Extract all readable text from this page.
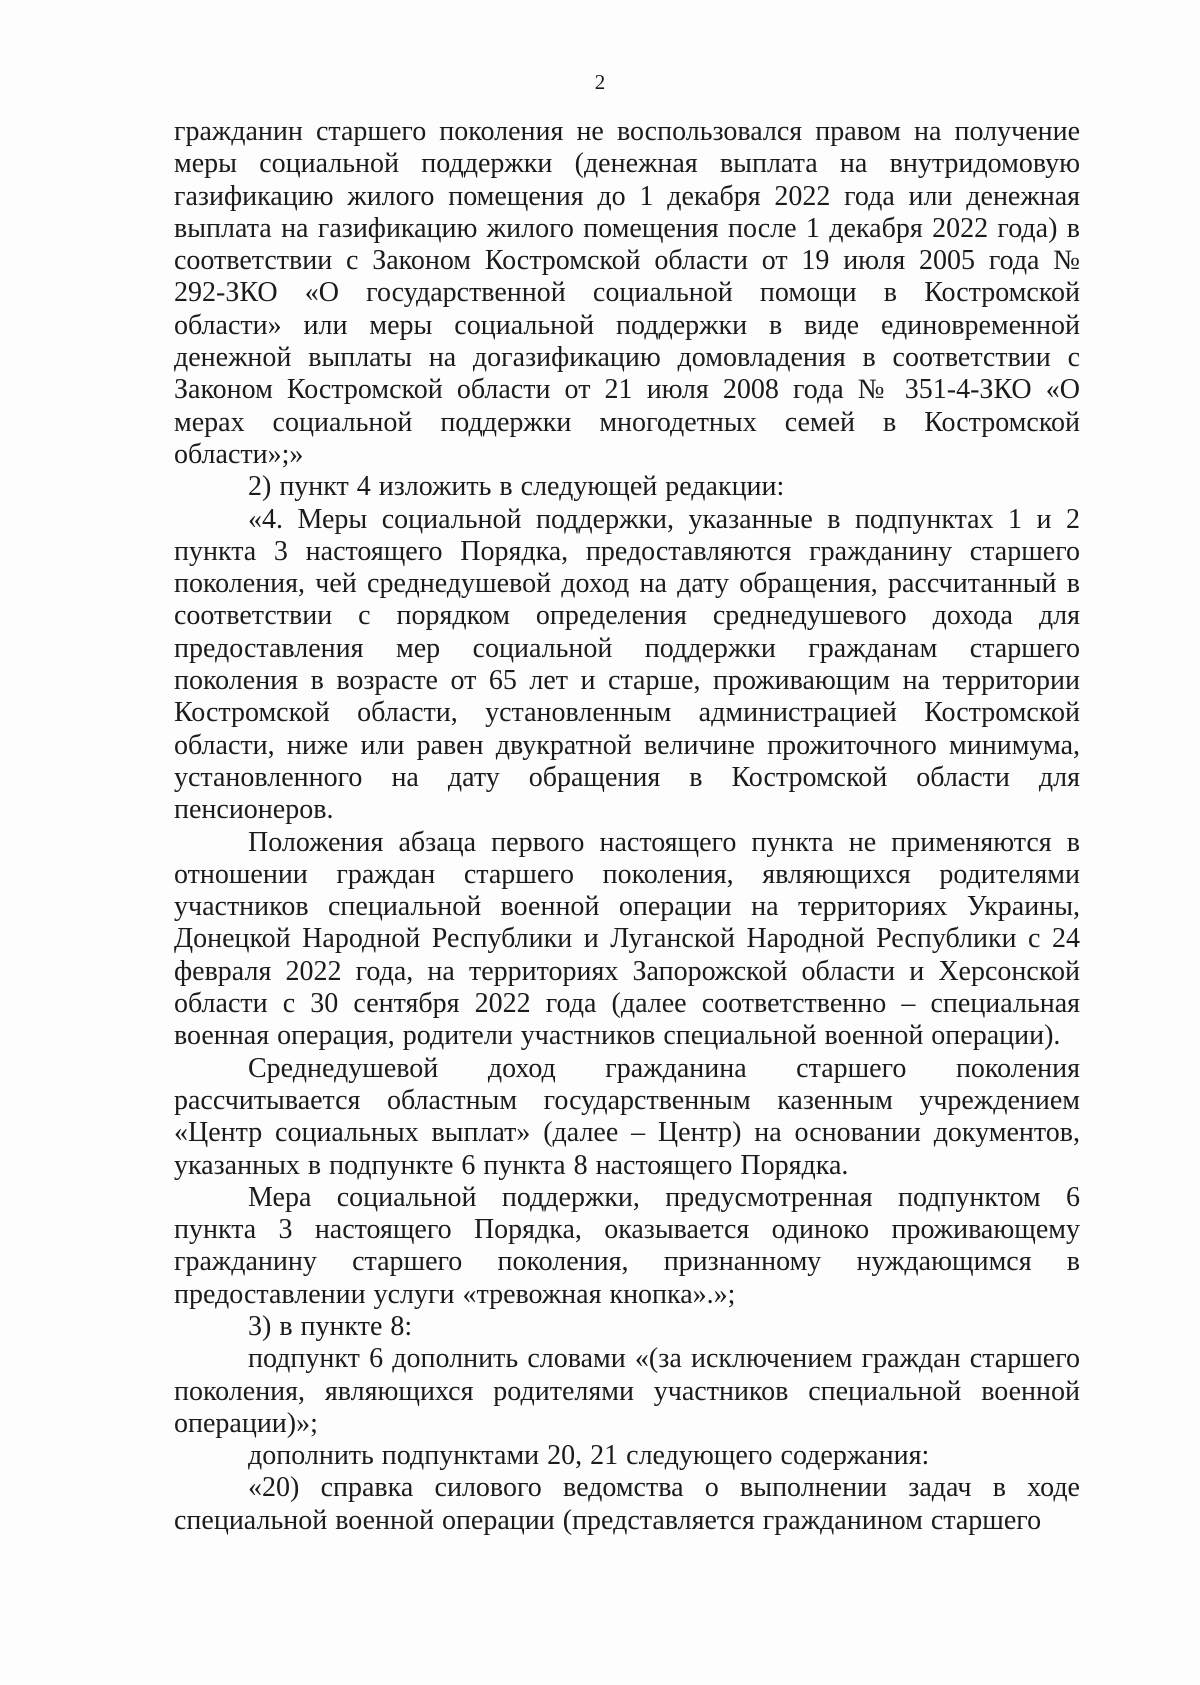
2

гражданин старшего поколения не воспользовался правом на получение меры социальной поддержки (денежная выплата на внутридомовую газификацию жилого помещения до 1 декабря 2022 года или денежная выплата на газификацию жилого помещения после 1 декабря 2022 года) в соответствии с Законом Костромской области от 19 июля 2005 года № 292-ЗКО «О государственной социальной помощи в Костромской области» или меры социальной поддержки в виде единовременной денежной выплаты на догазификацию домовладения в соответствии с Законом Костромской области от 21 июля 2008 года № 351-4-ЗКО «О мерах социальной поддержки многодетных семей в Костромской области»;»

2) пункт 4 изложить в следующей редакции:

«4. Меры социальной поддержки, указанные в подпунктах 1 и 2 пункта 3 настоящего Порядка, предоставляются гражданину старшего поколения, чей среднедушевой доход на дату обращения, рассчитанный в соответствии с порядком определения среднедушевого дохода для предоставления мер социальной поддержки гражданам старшего поколения в возрасте от 65 лет и старше, проживающим на территории Костромской области, установленным администрацией Костромской области, ниже или равен двукратной величине прожиточного минимума, установленного на дату обращения в Костромской области для пенсионеров.

Положения абзаца первого настоящего пункта не применяются в отношении граждан старшего поколения, являющихся родителями участников специальной военной операции на территориях Украины, Донецкой Народной Республики и Луганской Народной Республики с 24 февраля 2022 года, на территориях Запорожской области и Херсонской области с 30 сентября 2022 года (далее соответственно – специальная военная операция, родители участников специальной военной операции).

Среднедушевой доход гражданина старшего поколения рассчитывается областным государственным казенным учреждением «Центр социальных выплат» (далее – Центр) на основании документов, указанных в подпункте 6 пункта 8 настоящего Порядка.

Мера социальной поддержки, предусмотренная подпунктом 6 пункта 3 настоящего Порядка, оказывается одиноко проживающему гражданину старшего поколения, признанному нуждающимся в предоставлении услуги «тревожная кнопка».»;

3) в пункте 8:

подпункт 6 дополнить словами «(за исключением граждан старшего поколения, являющихся родителями участников специальной военной операции)»;

дополнить подпунктами 20, 21 следующего содержания:

«20) справка силового ведомства о выполнении задач в ходе специальной военной операции (представляется гражданином старшего
